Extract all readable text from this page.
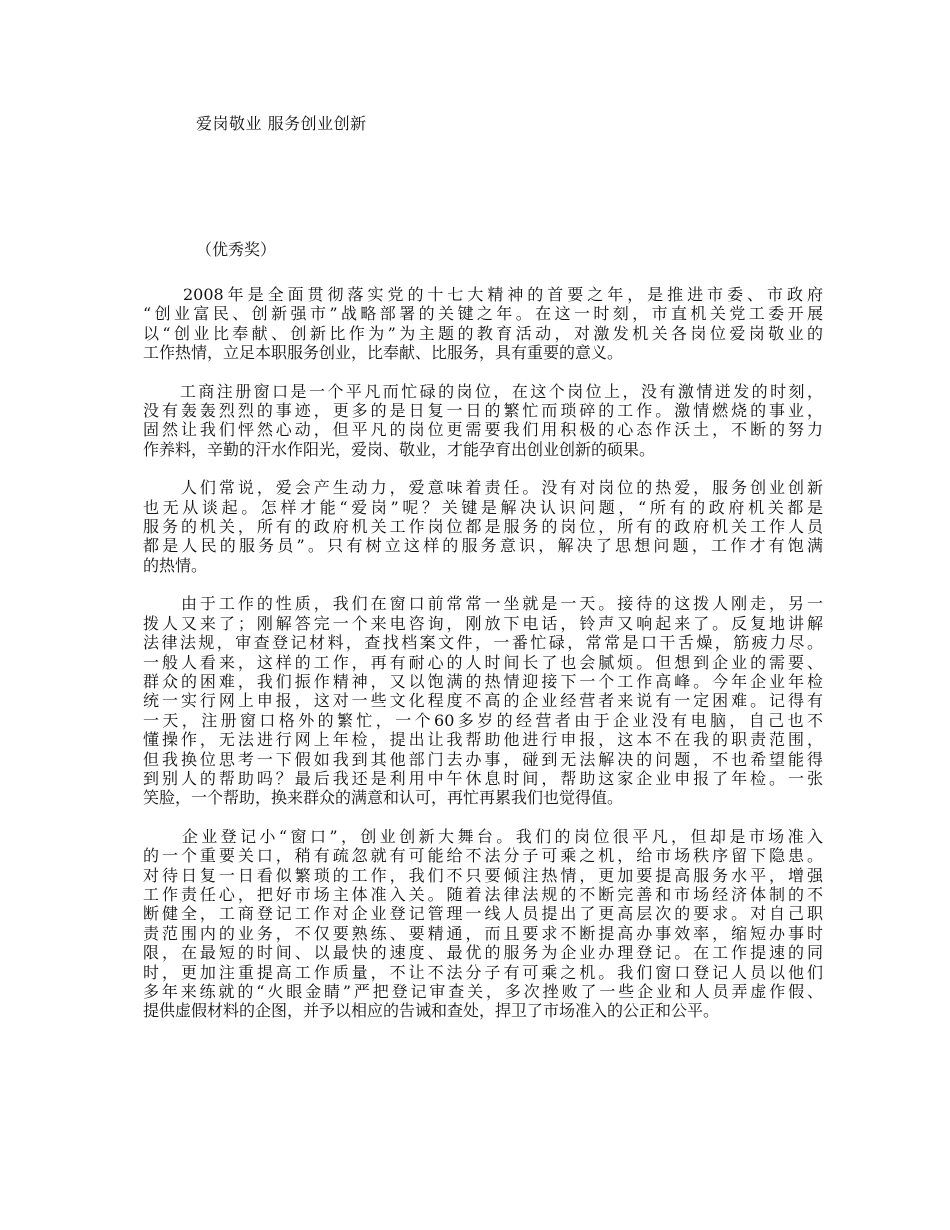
爱岗敬业 服务创业创新
（优秀奖）
　　2008年是全面贯彻落实党的十七大精神的首要之年，是推进市委、市政府
“创业富民、创新强市”战略部署的关键之年。在这一时刻，市直机关党工委开展
以“创业比奉献、创新比作为”为主题的教育活动，对激发机关各岗位爱岗敬业的
工作热情，立足本职服务创业，比奉献、比服务，具有重要的意义。
　　工商注册窗口是一个平凡而忙碌的岗位，在这个岗位上，没有激情迸发的时刻，
没有轰轰烈烈的事迹，更多的是日复一日的繁忙而琐碎的工作。激情燃烧的事业，
固然让我们怦然心动，但平凡的岗位更需要我们用积极的心态作沃土，不断的努力
作养料，辛勤的汗水作阳光，爱岗、敬业，才能孕育出创业创新的硕果。
　　人们常说，爱会产生动力，爱意味着责任。没有对岗位的热爱，服务创业创新
也无从谈起。怎样才能“爱岗”呢？关键是解决认识问题，“所有的政府机关都是
服务的机关，所有的政府机关工作岗位都是服务的岗位，所有的政府机关工作人员
都是人民的服务员”。只有树立这样的服务意识，解决了思想问题，工作才有饱满
的热情。
　　由于工作的性质，我们在窗口前常常一坐就是一天。接待的这拨人刚走，另一
拨人又来了；刚解答完一个来电咨询，刚放下电话，铃声又响起来了。反复地讲解
法律法规，审查登记材料，查找档案文件，一番忙碌，常常是口干舌燥，筋疲力尽。
一般人看来，这样的工作，再有耐心的人时间长了也会腻烦。但想到企业的需要、
群众的困难，我们振作精神，又以饱满的热情迎接下一个工作高峰。今年企业年检
统一实行网上申报，这对一些文化程度不高的企业经营者来说有一定困难。记得有
一天，注册窗口格外的繁忙，一个60多岁的经营者由于企业没有电脑，自己也不
懂操作，无法进行网上年检，提出让我帮助他进行申报，这本不在我的职责范围，
但我换位思考一下假如我到其他部门去办事，碰到无法解决的问题，不也希望能得
到别人的帮助吗？最后我还是利用中午休息时间，帮助这家企业申报了年检。一张
笑脸，一个帮助，换来群众的满意和认可，再忙再累我们也觉得值。
　　企业登记小“窗口”，创业创新大舞台。我们的岗位很平凡，但却是市场准入
的一个重要关口，稍有疏忽就有可能给不法分子可乘之机，给市场秩序留下隐患。
对待日复一日看似繁琐的工作，我们不只要倾注热情，更加要提高服务水平，增强
工作责任心，把好市场主体准入关。随着法律法规的不断完善和市场经济体制的不
断健全，工商登记工作对企业登记管理一线人员提出了更高层次的要求。对自己职
责范围内的业务，不仅要熟练、要精通，而且要求不断提高办事效率，缩短办事时
限，在最短的时间、以最快的速度、最优的服务为企业办理登记。在工作提速的同
时，更加注重提高工作质量，不让不法分子有可乘之机。我们窗口登记人员以他们
多年来练就的“火眼金睛”严把登记审查关，多次挫败了一些企业和人员弄虚作假、
提供虚假材料的企图，并予以相应的告诫和查处，捍卫了市场准入的公正和公平。
